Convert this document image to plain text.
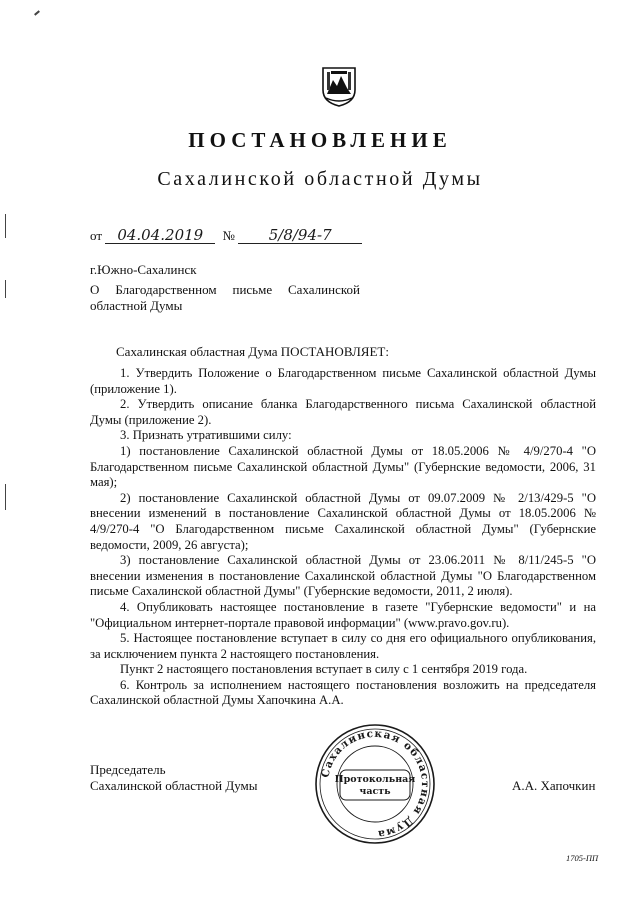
ПОСТАНОВЛЕНИЕ
Сахалинской областной Думы
от 04.04.2019 № 5/8/94-7
г.Южно-Сахалинск
О Благодарственном письме Сахалинской
областной Думы
Сахалинская областная Дума ПОСТАНОВЛЯЕТ:

1. Утвердить Положение о Благодарственном письме Сахалинской областной Думы (приложение 1).

2. Утвердить описание бланка Благодарственного письма Сахалинской областной Думы (приложение 2).

3. Признать утратившими силу:

1) постановление Сахалинской областной Думы от 18.05.2006 № 4/9/270-4 "О Благодарственном письме Сахалинской областной Думы" (Губернские ведомости, 2006, 31 мая);

2) постановление Сахалинской областной Думы от 09.07.2009 № 2/13/429-5 "О внесении изменений в постановление Сахалинской областной Думы от 18.05.2006 № 4/9/270-4 "О Благодарственном письме Сахалинской областной Думы" (Губернские ведомости, 2009, 26 августа);

3) постановление Сахалинской областной Думы от 23.06.2011 № 8/11/245-5 "О внесении изменения в постановление Сахалинской областной Думы "О Благодарственном письме Сахалинской областной Думы" (Губернские ведомости, 2011, 2 июля).

4. Опубликовать настоящее постановление в газете "Губернские ведомости" и на "Официальном интернет-портале правовой информации" (www.pravo.gov.ru).

5. Настоящее постановление вступает в силу со дня его официального опубликования, за исключением пункта 2 настоящего постановления.

Пункт 2 настоящего постановления вступает в силу с 1 сентября 2019 года.

6. Контроль за исполнением настоящего постановления возложить на председателя Сахалинской областной Думы Хапочкина А.А.

Председатель
Сахалинской областной Думы	А.А. Хапочкин
Сахалинская областная Дума
Протокольная
часть
1705-ПП
